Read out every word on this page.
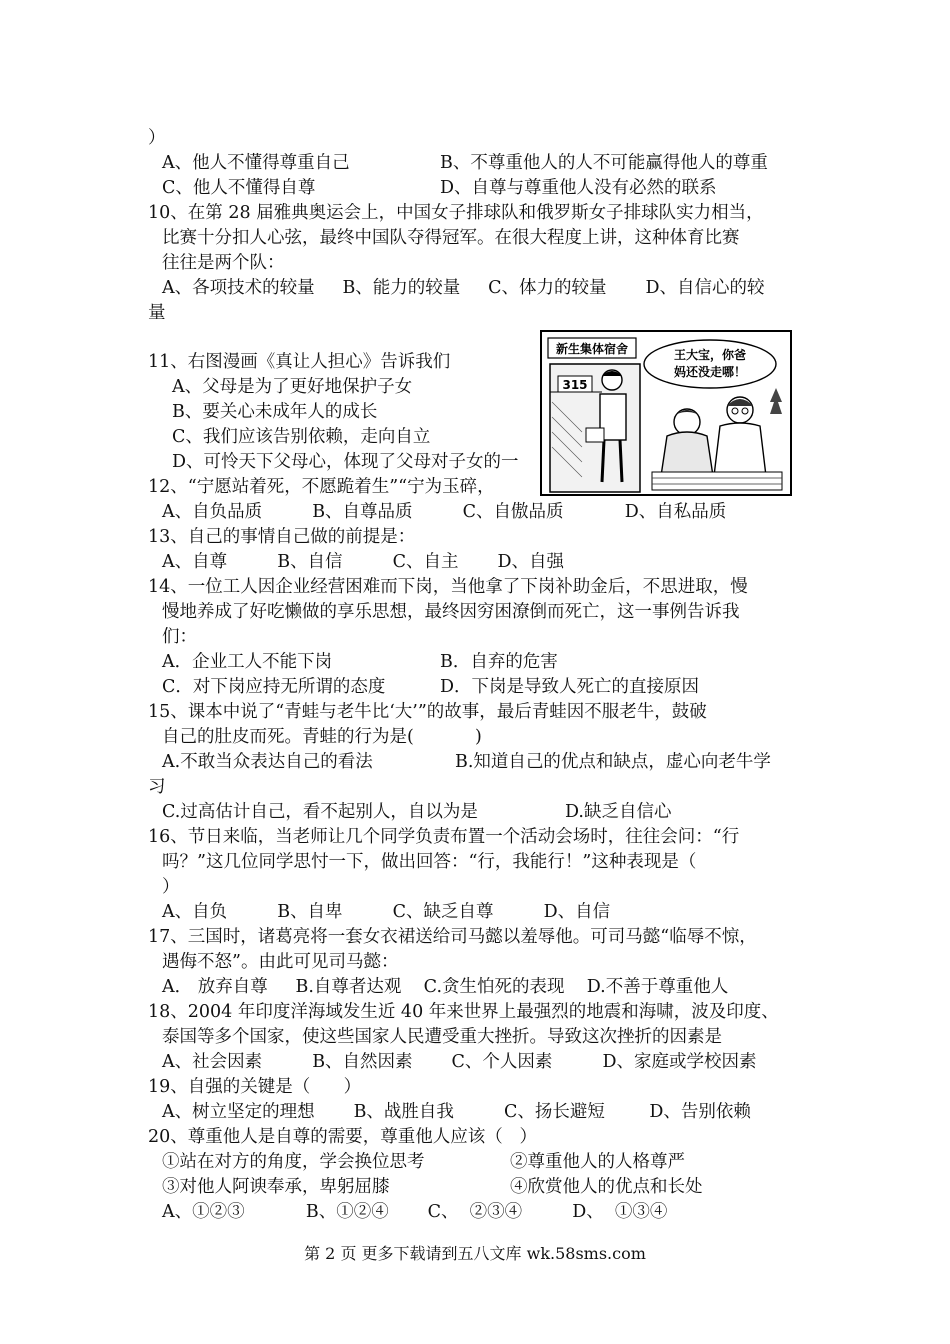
）
A、他人不懂得尊重自己	B、不尊重他人的人不可能赢得他人的尊重
C、他人不懂得自尊	D、自尊与尊重他人没有必然的联系
10、在第 28 届雅典奥运会上，中国女子排球队和俄罗斯女子排球队实力相当，
比赛十分扣人心弦，最终中国队夺得冠军。在很大程度上讲，这种体育比赛
往往是两个队：
A、各项技术的较量     B、能力的较量     C、体力的较量       D、自信心的较
量
11、右图漫画《真让人担心》告诉我们
A、父母是为了更好地保护子女
B、要关心未成年人的成长
C、我们应该告别依赖，走向自立
D、可怜天下父母心，体现了父母对子女的一
12、“宁愿站着死，不愿跪着生”“宁为玉碎，
新生集体宿舍
315
王大宝，你爸
妈还没走哪！
A、自负品质         B、自尊品质         C、自傲品质           D、自私品质
13、自己的事情自己做的前提是：
A、自尊         B、自信         C、自主       D、自强
14、一位工人因企业经营困难而下岗，当他拿了下岗补助金后，不思进取，慢
慢地养成了好吃懒做的享乐思想，最终因穷困潦倒而死亡，这一事例告诉我
们：
A．企业工人不能下岗	B．自弃的危害
C．对下岗应持无所谓的态度	D．下岗是导致人死亡的直接原因
15、课本中说了“青蛙与老牛比‘大’”的故事，最后青蛙因不服老牛，鼓破
自己的肚皮而死。青蛙的行为是(           )
A.不敢当众表达自己的看法	B.知道自己的优点和缺点，虚心向老牛学
习
C.过高估计自己，看不起别人，自以为是	D.缺乏自信心
16、节日来临，当老师让几个同学负责布置一个活动会场时，往往会问：“行
吗？”这几位同学思忖一下，做出回答：“行，我能行！”这种表现是（
）
A、自负         B、自卑         C、缺乏自尊         D、自信
17、三国时，诸葛亮将一套女衣裙送给司马懿以羞辱他。可司马懿“临辱不惊，
遇侮不怒”。由此可见司马懿：
A． 放弃自尊     B.自尊者达观    C.贪生怕死的表现    D.不善于尊重他人
18、2004 年印度洋海域发生近 40 年来世界上最强烈的地震和海啸，波及印度、
泰国等多个国家，使这些国家人民遭受重大挫折。导致这次挫折的因素是
A、社会因素         B、自然因素       C、个人因素         D、家庭或学校因素
19、自强的关键是（      ）
A、树立坚定的理想       B、战胜自我         C、扬长避短        D、告别依赖
20、尊重他人是自尊的需要，尊重他人应该（   ）
①站在对方的角度，学会换位思考	②尊重他人的人格尊严
③对他人阿谀奉承，卑躬屈膝	④欣赏他人的优点和长处
A、①②③           B、①②④       C、  ②③④         D、  ①③④
第 2 页 更多下载请到五八文库 wk.58sms.com
